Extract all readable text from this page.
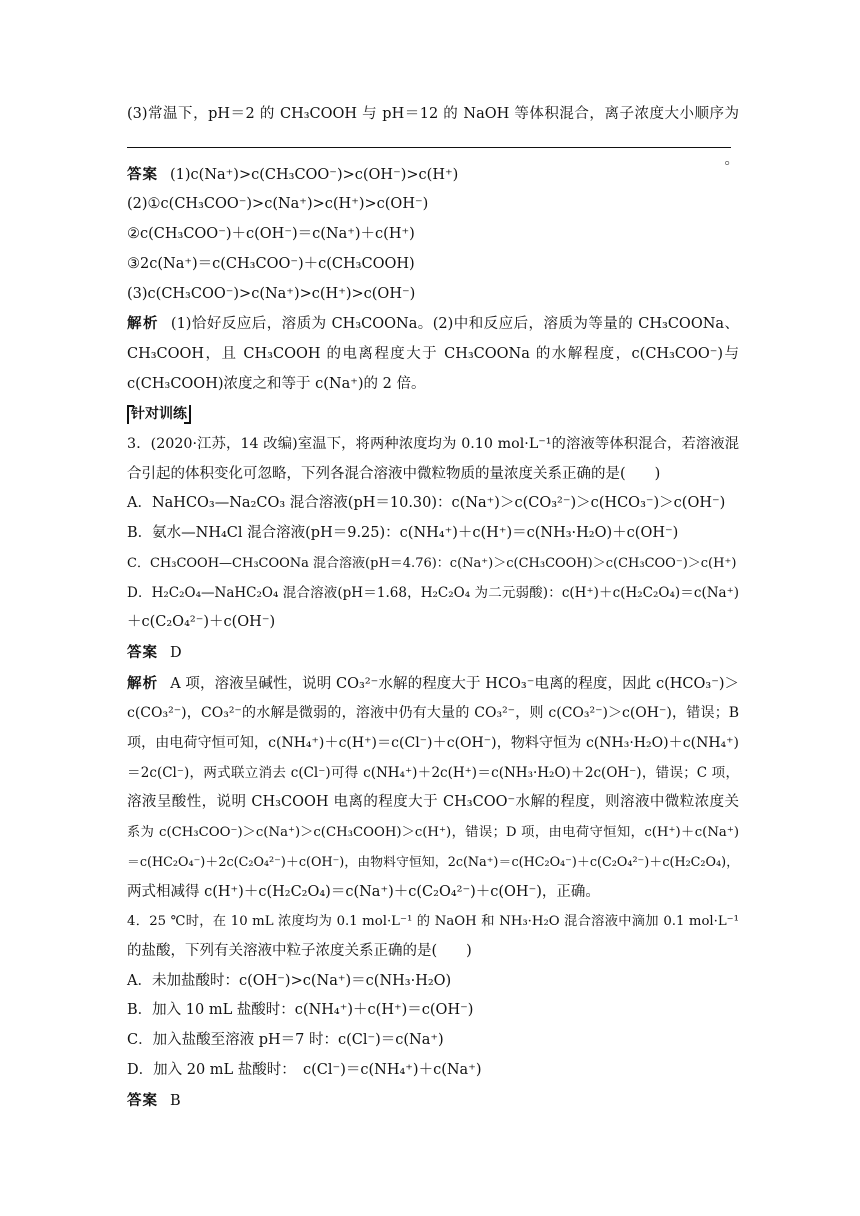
(3)常温下，pH＝2 的 CH₃COOH 与 pH＝12 的 NaOH 等体积混合，离子浓度大小顺序为
。
答案 (1)c(Na⁺)>c(CH₃COO⁻)>c(OH⁻)>c(H⁺)
(2)①c(CH₃COO⁻)>c(Na⁺)>c(H⁺)>c(OH⁻)
②c(CH₃COO⁻)＋c(OH⁻)＝c(Na⁺)＋c(H⁺)
③2c(Na⁺)＝c(CH₃COO⁻)＋c(CH₃COOH)
(3)c(CH₃COO⁻)>c(Na⁺)>c(H⁺)>c(OH⁻)
解析 (1)恰好反应后，溶质为 CH₃COONa。(2)中和反应后，溶质为等量的 CH₃COONa、
CH₃COOH，且 CH₃COOH 的电离程度大于 CH₃COONa 的水解程度，c(CH₃COO⁻)与
c(CH₃COOH)浓度之和等于 c(Na⁺)的 2 倍。
针对训练
3．(2020·江苏，14 改编)室温下，将两种浓度均为 0.10 mol·L⁻¹的溶液等体积混合，若溶液混
合引起的体积变化可忽略，下列各混合溶液中微粒物质的量浓度关系正确的是(　　)
A．NaHCO₃—Na₂CO₃ 混合溶液(pH＝10.30)：c(Na⁺)＞c(CO₃²⁻)＞c(HCO₃⁻)＞c(OH⁻)
B．氨水—NH₄Cl 混合溶液(pH＝9.25)：c(NH₄⁺)＋c(H⁺)＝c(NH₃·H₂O)＋c(OH⁻)
C．CH₃COOH—CH₃COONa 混合溶液(pH＝4.76)：c(Na⁺)＞c(CH₃COOH)＞c(CH₃COO⁻)＞c(H⁺)
D．H₂C₂O₄—NaHC₂O₄ 混合溶液(pH＝1.68，H₂C₂O₄ 为二元弱酸)：c(H⁺)＋c(H₂C₂O₄)＝c(Na⁺)
＋c(C₂O₄²⁻)＋c(OH⁻)
答案 D
解析 A 项，溶液呈碱性，说明 CO₃²⁻水解的程度大于 HCO₃⁻电离的程度，因此 c(HCO₃⁻)＞
c(CO₃²⁻)，CO₃²⁻的水解是微弱的，溶液中仍有大量的 CO₃²⁻，则 c(CO₃²⁻)＞c(OH⁻)，错误；B
项，由电荷守恒可知，c(NH₄⁺)＋c(H⁺)＝c(Cl⁻)＋c(OH⁻)，物料守恒为 c(NH₃·H₂O)＋c(NH₄⁺)
＝2c(Cl⁻)，两式联立消去 c(Cl⁻)可得 c(NH₄⁺)＋2c(H⁺)＝c(NH₃·H₂O)＋2c(OH⁻)，错误；C 项，
溶液呈酸性，说明 CH₃COOH 电离的程度大于 CH₃COO⁻水解的程度，则溶液中微粒浓度关
系为 c(CH₃COO⁻)＞c(Na⁺)＞c(CH₃COOH)＞c(H⁺)，错误；D 项，由电荷守恒知，c(H⁺)＋c(Na⁺)
＝c(HC₂O₄⁻)＋2c(C₂O₄²⁻)＋c(OH⁻)，由物料守恒知，2c(Na⁺)＝c(HC₂O₄⁻)＋c(C₂O₄²⁻)＋c(H₂C₂O₄)，
两式相减得 c(H⁺)＋c(H₂C₂O₄)＝c(Na⁺)＋c(C₂O₄²⁻)＋c(OH⁻)，正确。
4．25 ℃时，在 10 mL 浓度均为 0.1 mol·L⁻¹ 的 NaOH 和 NH₃·H₂O 混合溶液中滴加 0.1 mol·L⁻¹
的盐酸，下列有关溶液中粒子浓度关系正确的是(　　)
A．未加盐酸时：c(OH⁻)>c(Na⁺)＝c(NH₃·H₂O)
B．加入 10 mL 盐酸时：c(NH₄⁺)＋c(H⁺)＝c(OH⁻)
C．加入盐酸至溶液 pH＝7 时：c(Cl⁻)＝c(Na⁺)
D．加入 20 mL 盐酸时：　c(Cl⁻)＝c(NH₄⁺)＋c(Na⁺)
答案 B
